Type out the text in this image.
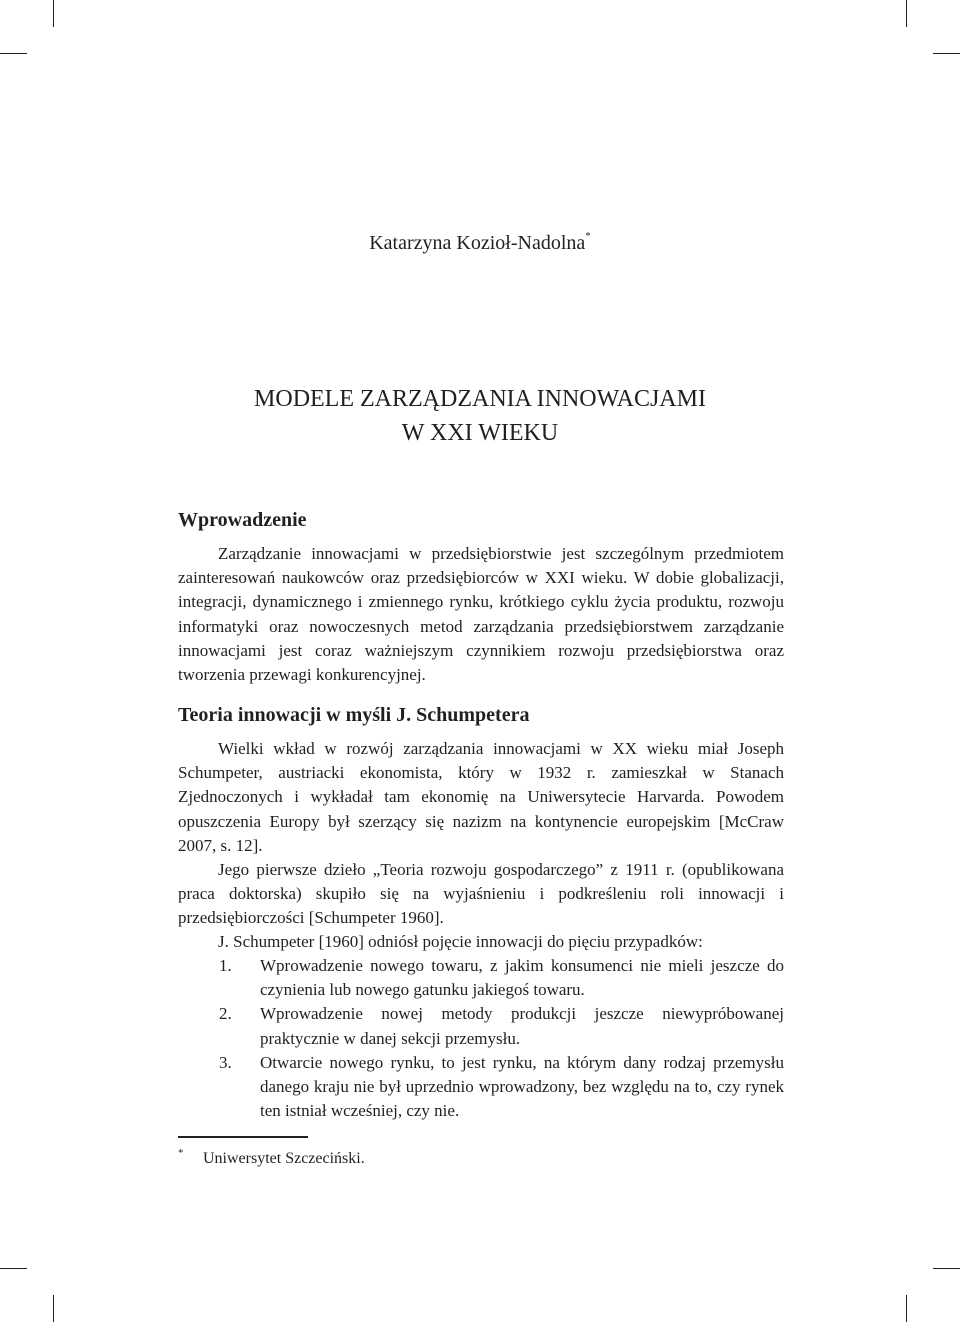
Katarzyna Kozioł-Nadolna*
MODELE ZARZĄDZANIA INNOWACJAMI
W XXI WIEKU
Wprowadzenie

Zarządzanie innowacjami w przedsiębiorstwie jest szczególnym przedmiotem zainteresowań naukowców oraz przedsiębiorców w XXI wieku. W dobie globalizacji, integracji, dynamicznego i zmiennego rynku, krótkiego cyklu życia produktu, rozwoju informatyki oraz nowoczesnych metod zarządzania przedsiębiorstwem zarządzanie innowacjami jest coraz ważniejszym czynnikiem rozwoju przedsiębiorstwa oraz tworzenia przewagi konkurencyjnej.

Teoria innowacji w myśli J. Schumpetera

Wielki wkład w rozwój zarządzania innowacjami w XX wieku miał Joseph Schumpeter, austriacki ekonomista, który w 1932 r. zamieszkał w Stanach Zjednoczonych i wykładał tam ekonomię na Uniwersytecie Harvarda. Powodem opuszczenia Europy był szerzący się nazizm na kontynencie europejskim [McCraw 2007, s. 12].

Jego pierwsze dzieło „Teoria rozwoju gospodarczego” z 1911 r. (opublikowana praca doktorska) skupiło się na wyjaśnieniu i podkreśleniu roli innowacji i przedsiębiorczości [Schumpeter 1960].

J. Schumpeter [1960] odniósł pojęcie innowacji do pięciu przypadków:

1. Wprowadzenie nowego towaru, z jakim konsumenci nie mieli jeszcze do czynienia lub nowego gatunku jakiegoś towaru.
2. Wprowadzenie nowej metody produkcji jeszcze niewypróbowanej praktycznie w danej sekcji przemysłu.
3. Otwarcie nowego rynku, to jest rynku, na którym dany rodzaj przemysłu danego kraju nie był uprzednio wprowadzony, bez względu na to, czy rynek ten istniał wcześniej, czy nie.
* Uniwersytet Szczeciński.
